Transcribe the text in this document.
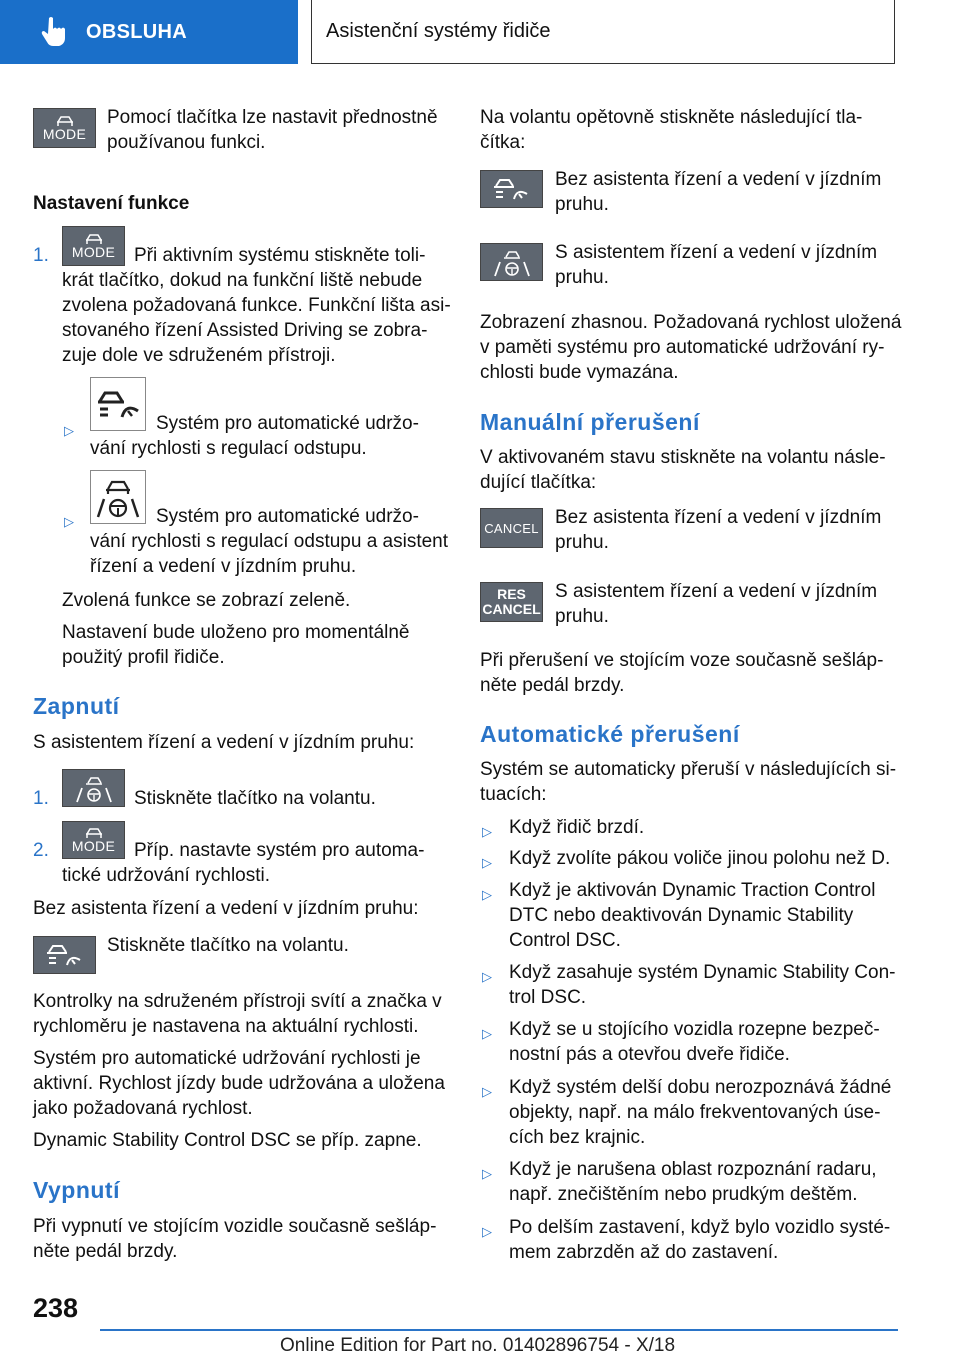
OBSLUHA	Asistenční systémy řidiče
MODE
Pomocí tlačítka lze nastavit přednostně
používanou funkci.
Nastavení funkce
1. MODE Při aktivním systému stiskněte toli-
krát tlačítko, dokud na funkční liště nebude
zvolena požadovaná funkce. Funkční lišta asi-
stovaného řízení Assisted Driving se zobra-
zuje dole ve sdruženém přístroji.
▷	Systém pro automatické udržo-
vání rychlosti s regulací odstupu.
▷	Systém pro automatické udržo-
vání rychlosti s regulací odstupu a asistent
řízení a vedení v jízdním pruhu.
Zvolená funkce se zobrazí zeleně.
Nastavení bude uloženo pro momentálně
použitý profil řidiče.
Zapnutí
S asistentem řízení a vedení v jízdním pruhu:
1.	Stiskněte tlačítko na volantu.
2. MODE Příp. nastavte systém pro automa-
tické udržování rychlosti.
Bez asistenta řízení a vedení v jízdním pruhu:
Stiskněte tlačítko na volantu.
Kontrolky na sdruženém přístroji svítí a značka v
rychloměru je nastavena na aktuální rychlosti.
Systém pro automatické udržování rychlosti je
aktivní. Rychlost jízdy bude udržována a uložena
jako požadovaná rychlost.
Dynamic Stability Control DSC se příp. zapne.
Vypnutí
Při vypnutí ve stojícím vozidle současně sešláp-
něte pedál brzdy.
Na volantu opětovně stiskněte následující tla-
čítka:
Bez asistenta řízení a vedení v jízdním
pruhu.
S asistentem řízení a vedení v jízdním
pruhu.
Zobrazení zhasnou. Požadovaná rychlost uložená
v paměti systému pro automatické udržování ry-
chlosti bude vymazána.
Manuální přerušení
V aktivovaném stavu stiskněte na volantu násle-
dující tlačítka:
CANCEL Bez asistenta řízení a vedení v jízdním
pruhu.
RES
CANCEL
S asistentem řízení a vedení v jízdním
pruhu.
Při přerušení ve stojícím voze současně sešláp-
něte pedál brzdy.
Automatické přerušení
Systém se automaticky přeruší v následujících si-
tuacích:
▷ Když řidič brzdí.
▷ Když zvolíte pákou voliče jinou polohu než D.
▷ Když je aktivován Dynamic Traction Control
DTC nebo deaktivován Dynamic Stability
Control DSC.
▷ Když zasahuje systém Dynamic Stability Con-
trol DSC.
▷ Když se u stojícího vozidla rozepne bezpeč-
nostní pás a otevřou dveře řidiče.
▷ Když systém delší dobu nerozpoznává žádné
objekty, např. na málo frekventovaných úse-
cích bez krajnic.
▷ Když je narušena oblast rozpoznání radaru,
např. znečištěním nebo prudkým deštěm.
▷ Po delším zastavení, když bylo vozidlo systé-
mem zabrzděn až do zastavení.
238
Online Edition for Part no. 01402896754 - X/18
